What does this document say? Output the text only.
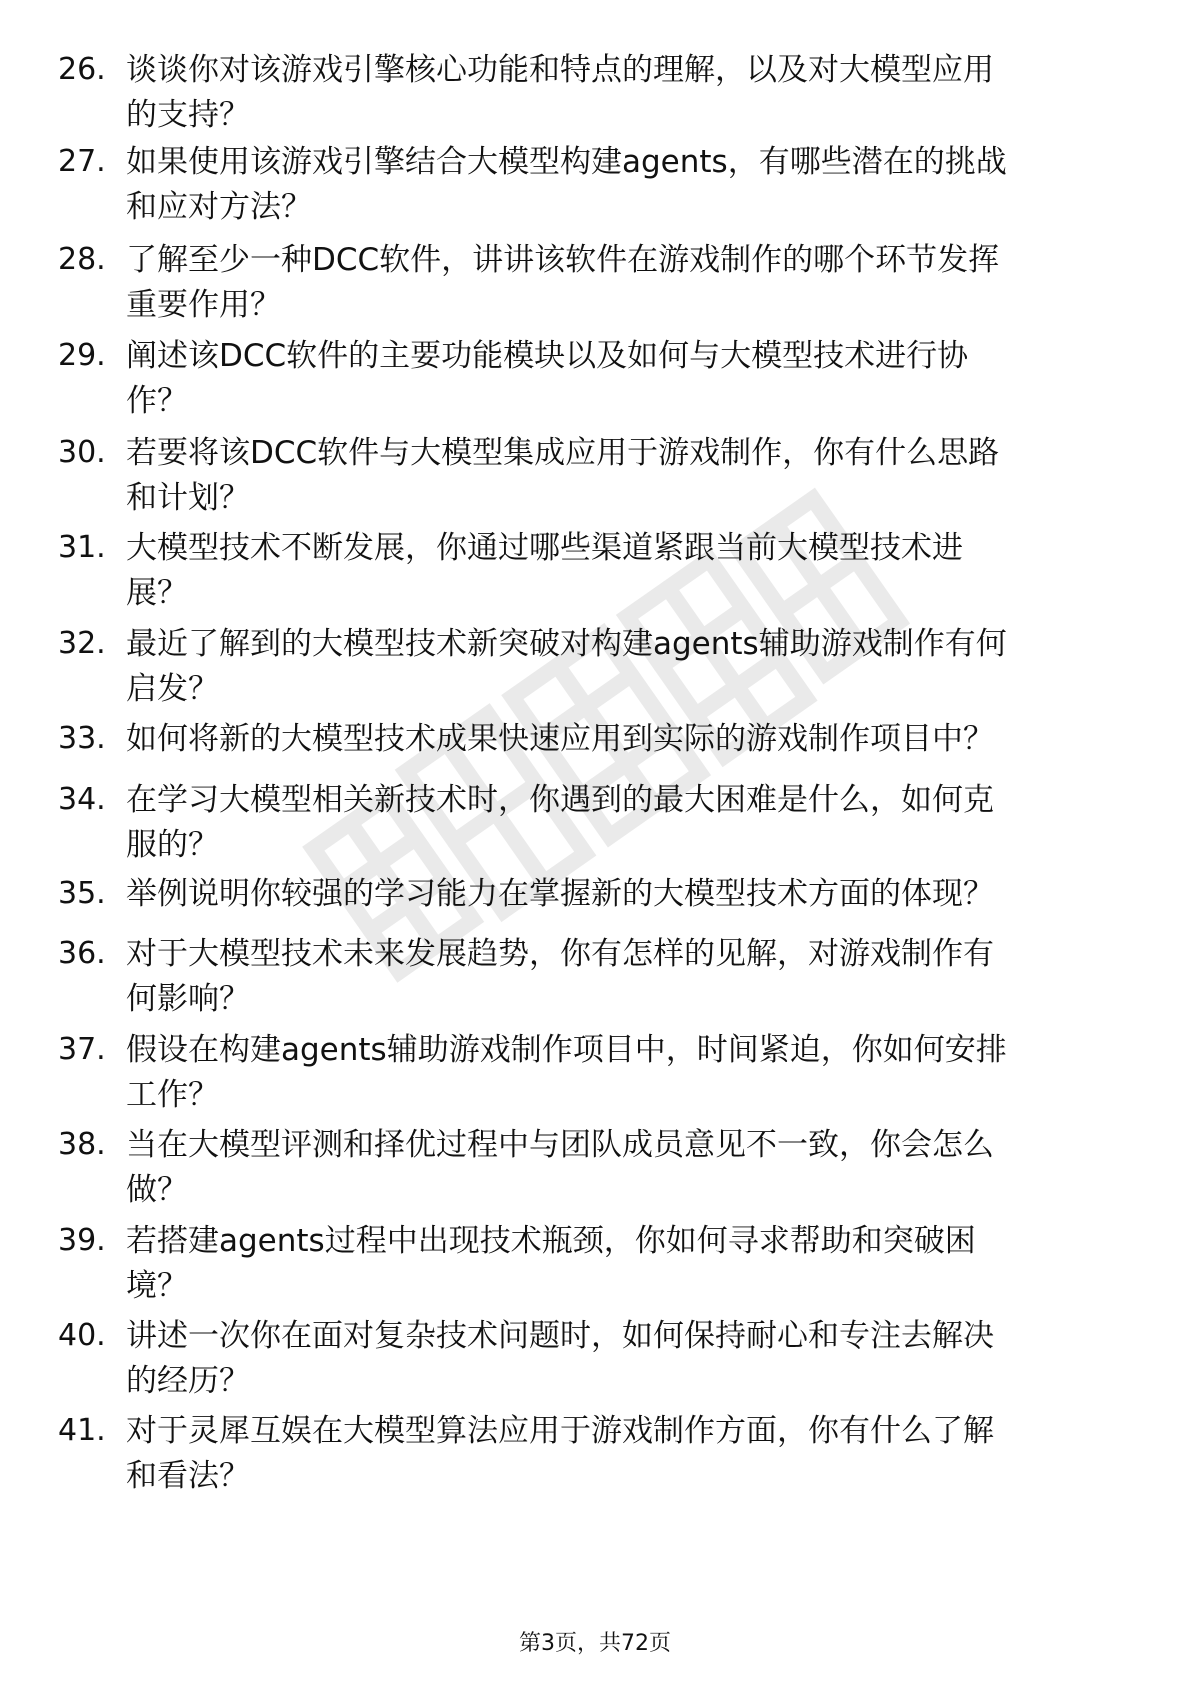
26. 谈谈你对该游戏引擎核心功能和特点的理解，以及对大模型应用
的支持？
27. 如果使用该游戏引擎结合大模型构建agents，有哪些潜在的挑战
和应对方法？
28. 了解至少一种DCC软件，讲讲该软件在游戏制作的哪个环节发挥
重要作用？
29. 阐述该DCC软件的主要功能模块以及如何与大模型技术进行协
作？
30. 若要将该DCC软件与大模型集成应用于游戏制作，你有什么思路
和计划？
31. 大模型技术不断发展，你通过哪些渠道紧跟当前大模型技术进
展？
32. 最近了解到的大模型技术新突破对构建agents辅助游戏制作有何
启发？
33. 如何将新的大模型技术成果快速应用到实际的游戏制作项目中？
34. 在学习大模型相关新技术时，你遇到的最大困难是什么，如何克
服的？
35. 举例说明你较强的学习能力在掌握新的大模型技术方面的体现？
36. 对于大模型技术未来发展趋势，你有怎样的见解，对游戏制作有
何影响？
37. 假设在构建agents辅助游戏制作项目中，时间紧迫，你如何安排
工作？
38. 当在大模型评测和择优过程中与团队成员意见不一致，你会怎么
做？
39. 若搭建agents过程中出现技术瓶颈，你如何寻求帮助和突破困
境？
40. 讲述一次你在面对复杂技术问题时，如何保持耐心和专注去解决
的经历？
41. 对于灵犀互娱在大模型算法应用于游戏制作方面，你有什么了解
和看法？
第3页，共72页
